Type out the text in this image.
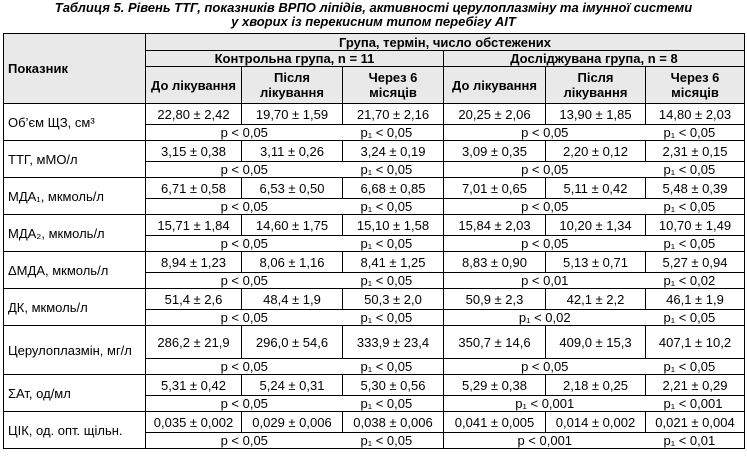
Таблиця 5. Рівень ТТГ, показників ВРПО ліпідів, активності церулоплазміну та імунної системи
у хворих із перекисним типом перебігу АІТ
Показник	Група, термін, число обстежених					
	Контрольна група, n = 11			Досліджувана група, n = 8		
	До лікування	Після лікування	Через 6 місяців	До лікування	Після лікування	Через 6 місяців
Об’єм ЩЗ, см³	22,80 ± 2,42	19,70 ± 1,59	21,70 ± 2,16	20,25 ± 2,06	13,90 ± 1,85	14,80 ± 2,03
	p < 0,05		p₁ < 0,05	p < 0,05		p₁ < 0,05
ТТГ, мМО/л	3,15 ± 0,38	3,11 ± 0,26	3,24 ± 0,19	3,09 ± 0,35	2,20 ± 0,12	2,31 ± 0,15
	p < 0,05		p₁ < 0,05	p < 0,05		p₁ < 0,05
МДА₁, мкмоль/л	6,71 ± 0,58	6,53 ± 0,50	6,68 ± 0,85	7,01 ± 0,65	5,11 ± 0,42	5,48 ± 0,39
	p < 0,05		p₁ < 0,05	p < 0,05		p₁ < 0,05
МДА₂, мкмоль/л	15,71 ± 1,84	14,60 ± 1,75	15,10 ± 1,58	15,84 ± 2,03	10,20 ± 1,34	10,70 ± 1,49
	p < 0,05		p₁ < 0,05	p < 0,05		p₁ < 0,05
ΔМДА, мкмоль/л	8,94 ± 1,23	8,06 ± 1,16	8,41 ± 1,25	8,83 ± 0,90	5,13 ± 0,71	5,27 ± 0,94
	p < 0,05		p₁ < 0,05	p < 0,01		p₁ < 0,02
ДК, мкмоль/л	51,4 ± 2,6	48,4 ± 1,9	50,3 ± 2,0	50,9 ± 2,3	42,1 ± 2,2	46,1 ± 1,9
	p < 0,05		p₁ < 0,05	p₁ < 0,02		p₁ < 0,05
Церулоплазмін, мг/л	286,2 ± 21,9	296,0 ± 54,6	333,9 ± 23,4	350,7 ± 14,6	409,0 ± 15,3	407,1 ± 10,2
	p < 0,05		p₁ < 0,05	p < 0,05		p₁ < 0,05
ΣАт, од/мл	5,31 ± 0,42	5,24 ± 0,31	5,30 ± 0,56	5,29 ± 0,38	2,18 ± 0,25	2,21 ± 0,29
	p < 0,05		p₁ < 0,05	p₁ < 0,001		p₁ < 0,001
ЦІК, од. опт. щільн.	0,035 ± 0,002	0,029 ± 0,006	0,038 ± 0,006	0,041 ± 0,005	0,014 ± 0,002	0,021 ± 0,004
	p < 0,05		p₁ < 0,05	p < 0,001		p₁ < 0,01
